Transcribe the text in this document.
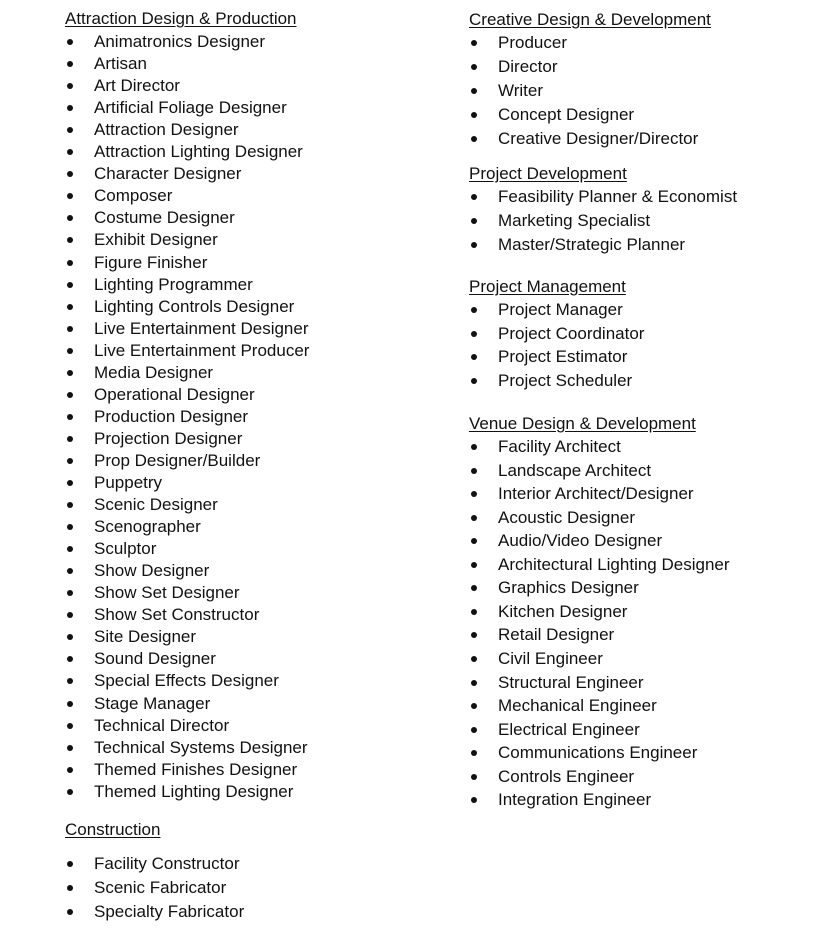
Attraction Design & Production
Animatronics Designer
Artisan
Art Director
Artificial Foliage Designer
Attraction Designer
Attraction Lighting Designer
Character Designer
Composer
Costume Designer
Exhibit Designer
Figure Finisher
Lighting Programmer
Lighting Controls Designer
Live Entertainment Designer
Live Entertainment Producer
Media Designer
Operational Designer
Production Designer
Projection Designer
Prop Designer/Builder
Puppetry
Scenic Designer
Scenographer
Sculptor
Show Designer
Show Set Designer
Show Set Constructor
Site Designer
Sound Designer
Special Effects Designer
Stage Manager
Technical Director
Technical Systems Designer
Themed Finishes Designer
Themed Lighting Designer
Construction
Facility Constructor
Scenic Fabricator
Specialty Fabricator
Creative Design & Development
Producer
Director
Writer
Concept Designer
Creative Designer/Director
Project Development
Feasibility Planner & Economist
Marketing Specialist
Master/Strategic Planner
Project Management
Project Manager
Project Coordinator
Project Estimator
Project Scheduler
Venue Design & Development
Facility Architect
Landscape Architect
Interior Architect/Designer
Acoustic Designer
Audio/Video Designer
Architectural Lighting Designer
Graphics Designer
Kitchen Designer
Retail Designer
Civil Engineer
Structural Engineer
Mechanical Engineer
Electrical Engineer
Communications Engineer
Controls Engineer
Integration Engineer
